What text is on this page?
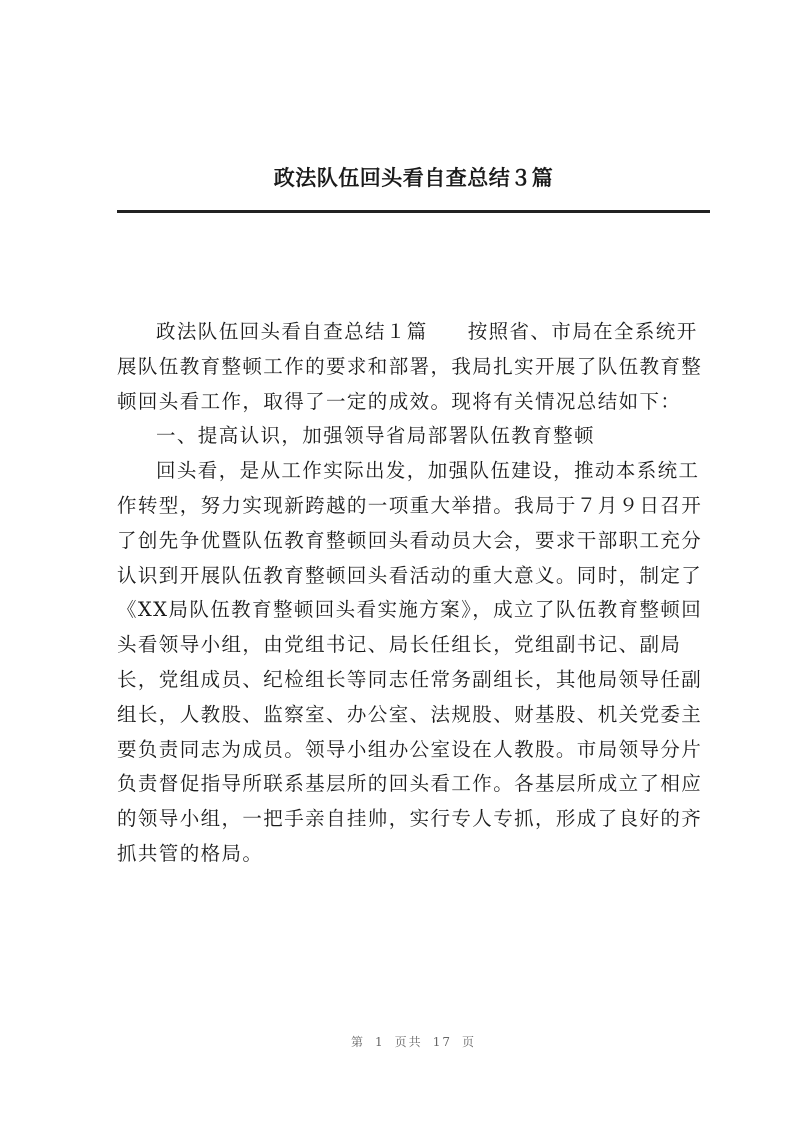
政法队伍回头看自查总结３篇
政法队伍回头看自查总结１篇 按照省、市局在全系统开
展队伍教育整顿工作的要求和部署，我局扎实开展了队伍教育整
顿回头看工作，取得了一定的成效。现将有关情况总结如下：
一、提高认识，加强领导省局部署队伍教育整顿
回头看，是从工作实际出发，加强队伍建设，推动本系统工
作转型，努力实现新跨越的一项重大举措。我局于７月９日召开
了创先争优暨队伍教育整顿回头看动员大会，要求干部职工充分
认识到开展队伍教育整顿回头看活动的重大意义。同时，制定了
《XX局队伍教育整顿回头看实施方案》，成立了队伍教育整顿回
头看领导小组，由党组书记、局长任组长，党组副书记、副局
长，党组成员、纪检组长等同志任常务副组长，其他局领导任副
组长，人教股、监察室、办公室、法规股、财基股、机关党委主
要负责同志为成员。领导小组办公室设在人教股。市局领导分片
负责督促指导所联系基层所的回头看工作。各基层所成立了相应
的领导小组，一把手亲自挂帅，实行专人专抓，形成了良好的齐
抓共管的格局。
第 1 页共 17 页
